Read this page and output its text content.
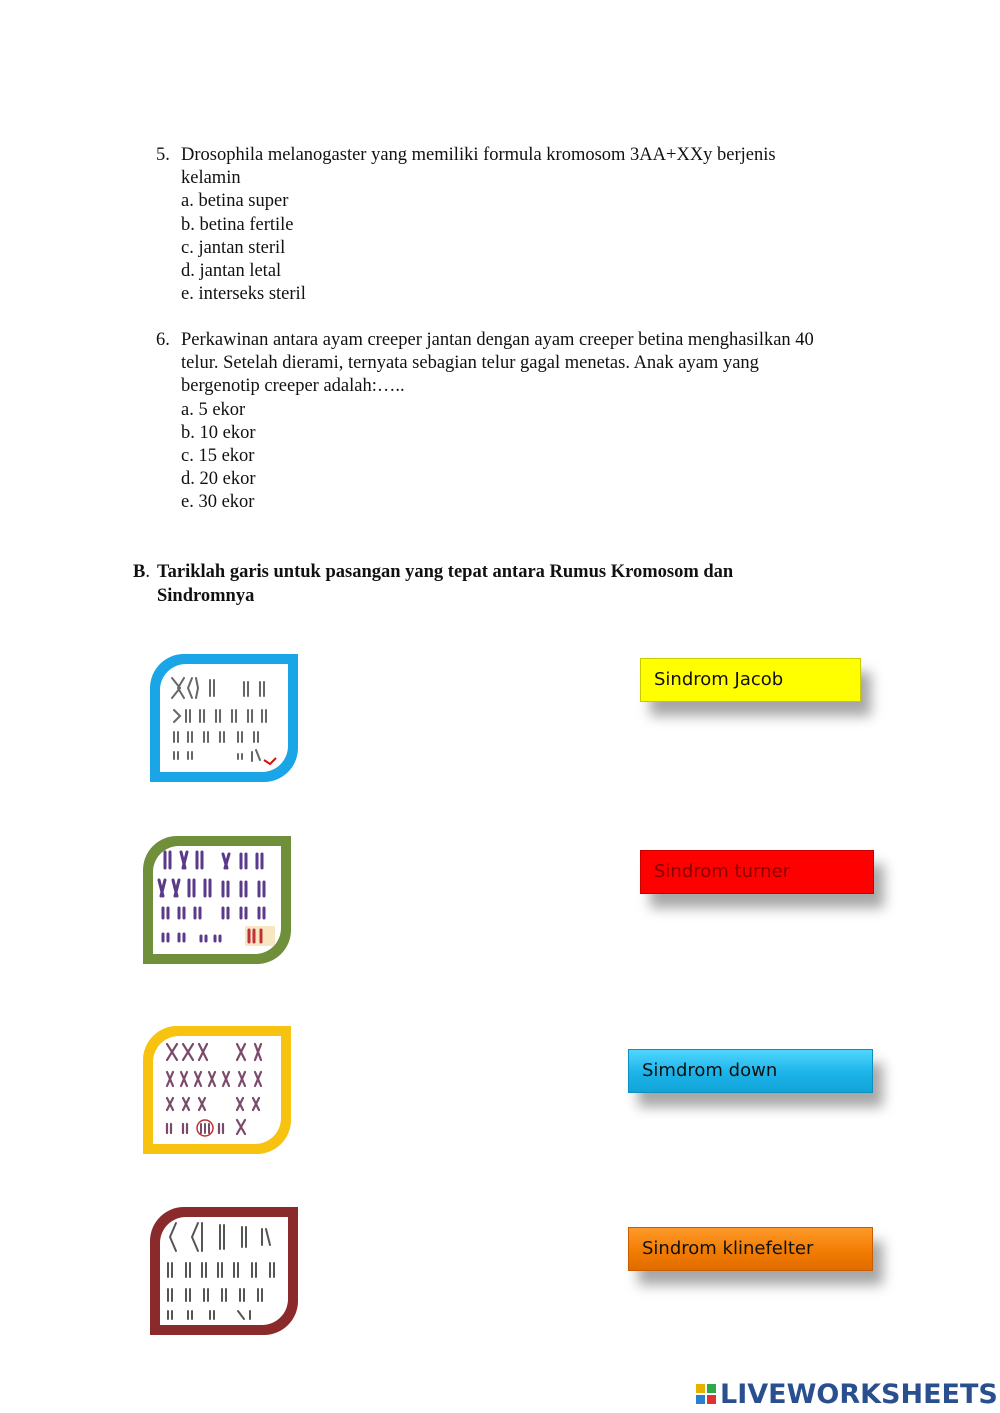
5. Drosophila melanogaster yang memiliki formula kromosom 3AA+XXy berjenis
kelamin
a. betina super
b. betina fertile
c. jantan steril
d. jantan letal
e. interseks steril
6. Perkawinan antara ayam creeper jantan dengan ayam creeper betina menghasilkan 40
telur. Setelah dierami, ternyata sebagian telur gagal menetas. Anak ayam yang
bergenotip creeper adalah:…..
a. 5 ekor
b. 10 ekor
c. 15 ekor
d. 20 ekor
e. 30 ekor
B. Tariklah garis untuk pasangan yang tepat antara Rumus Kromosom dan
Sindromnya
Sindrom Jacob
Sindrom turner
Simdrom down
Sindrom klinefelter
LIVEWORKSHEETS
